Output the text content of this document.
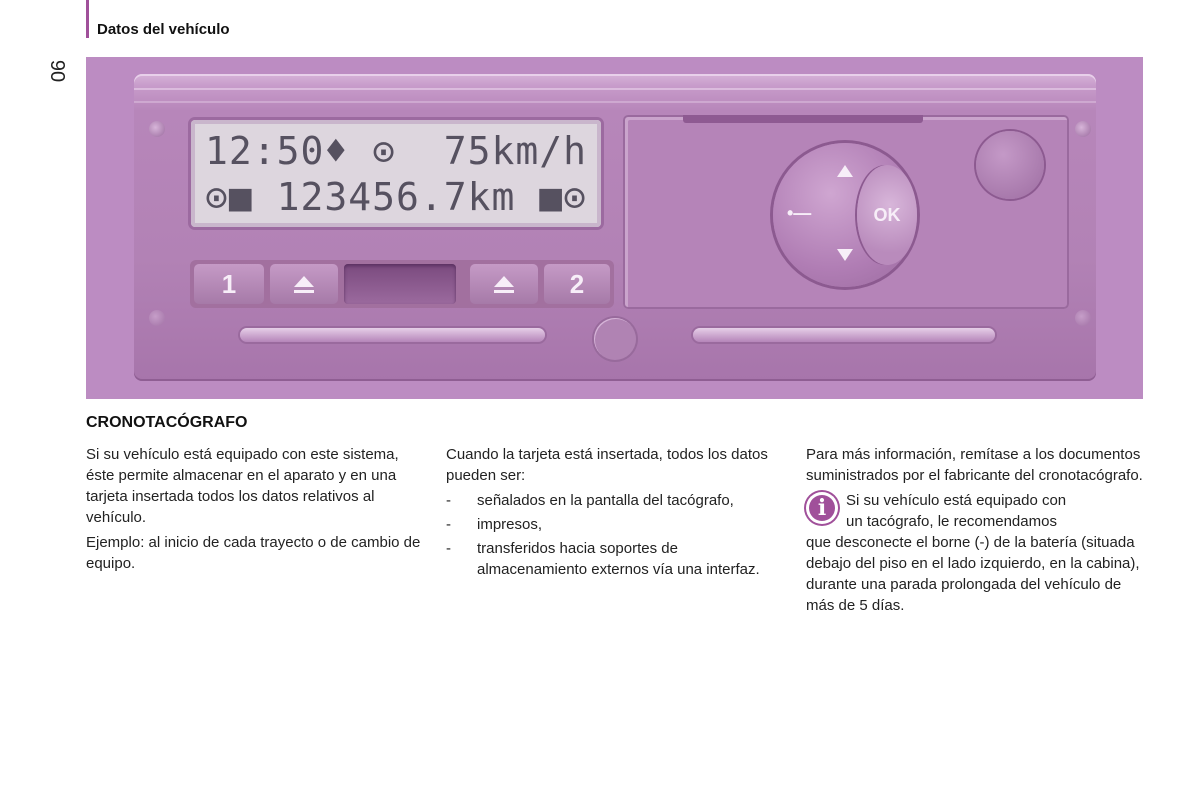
Datos del vehículo
90
12:50♦ ⊙  75km/h
⊙■ 123456.7km ■⊙
1	2
•—	OK
CRONOTACÓGRAFO

Si su vehículo está equipado con este sistema, éste permite almacenar en el aparato y en una tarjeta insertada todos los datos relativos al vehículo.

Ejemplo: al inicio de cada trayecto o de cambio de equipo.

Cuando la tarjeta está insertada, todos los datos pueden ser:

- señalados en la pantalla del tacógrafo,
- impresos,
- transferidos hacia soportes de almacenamiento externos vía una interfaz.

Para más información, remítase a los documentos suministrados por el fabricante del cronotacógrafo.

i
Si su vehículo está equipado con
un tacógrafo, le recomendamos
que desconecte el borne (-) de la batería (situada debajo del piso en el lado izquierdo, en la cabina), durante una parada prolongada del vehículo de más de 5 días.
